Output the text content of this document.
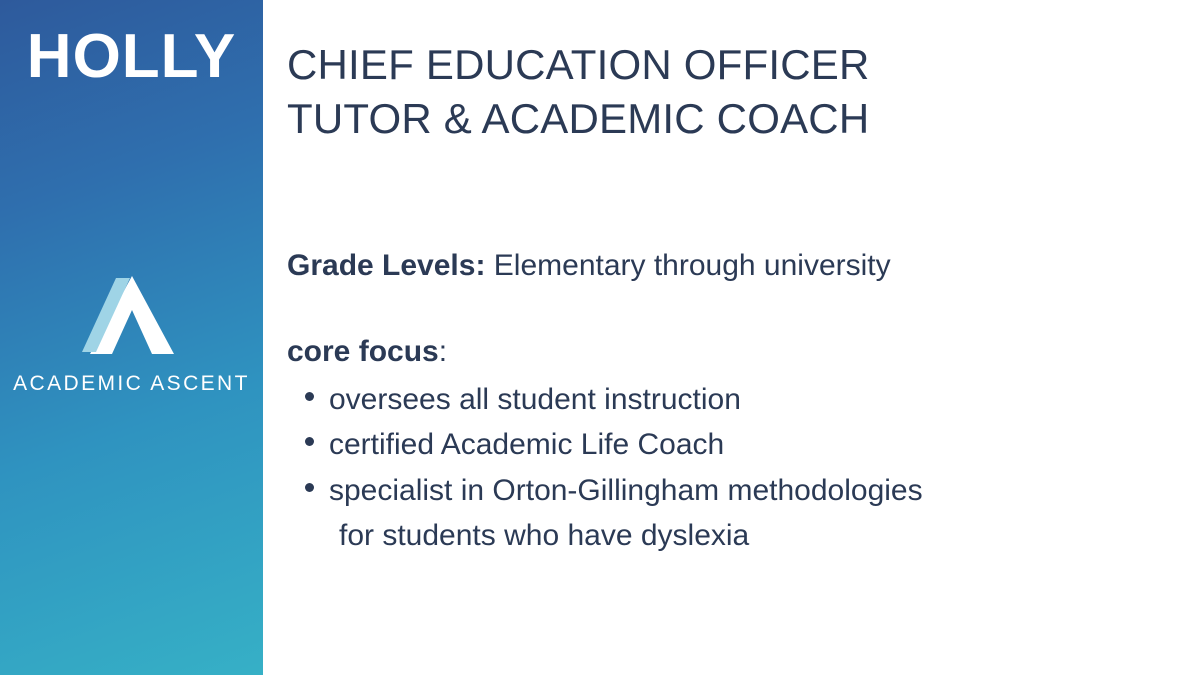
HOLLY
ACADEMIC ASCENT
CHIEF EDUCATION OFFICER
TUTOR & ACADEMIC COACH
Grade Levels: Elementary through university
core focus:
oversees all student instruction
certified Academic Life Coach
specialist in Orton-Gillingham methodologies
for students who have dyslexia
